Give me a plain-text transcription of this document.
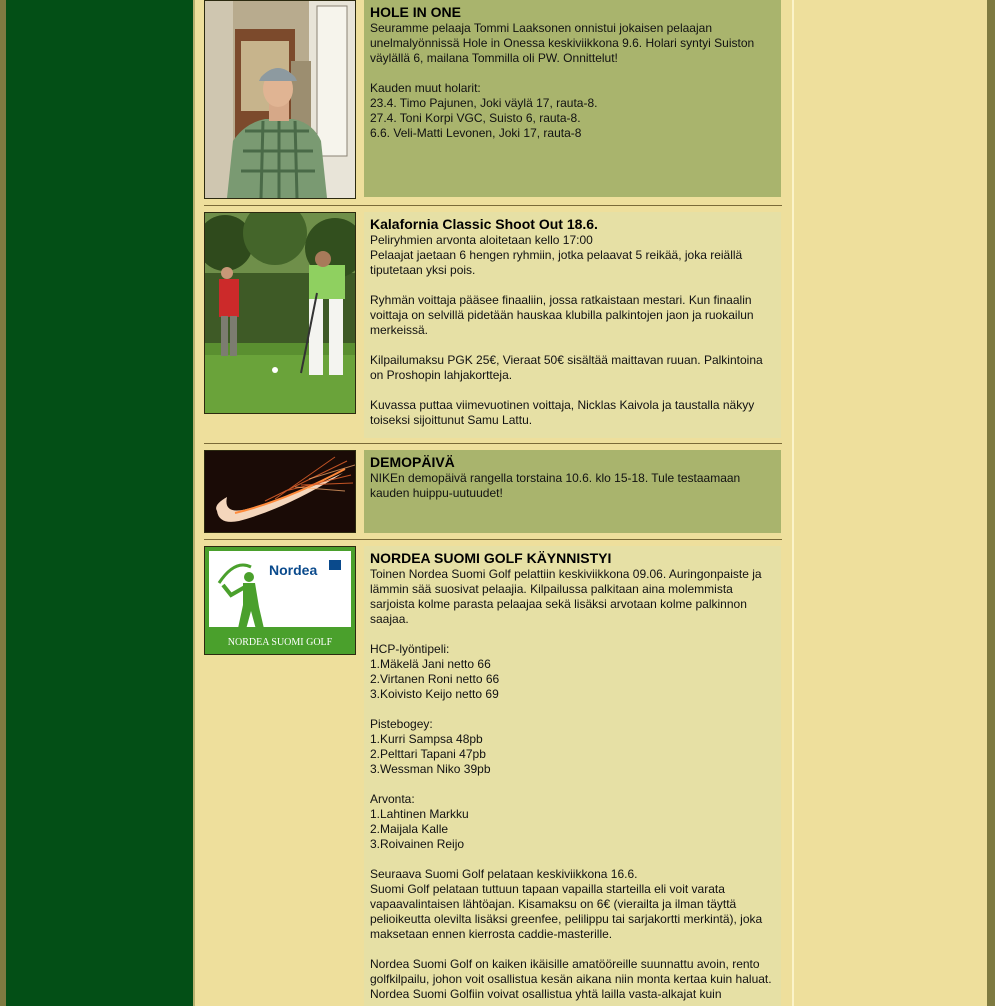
HOLE IN ONE
Seuramme pelaaja Tommi Laaksonen onnistui jokaisen pelaajan unelmalyönnissä Hole in Onessa keskiviikkona 9.6. Holari syntyi Suiston väylällä 6, mailana Tommilla oli PW. Onnittelut!

Kauden muut holarit:
23.4. Timo Pajunen, Joki väylä 17, rauta-8.
27.4. Toni Korpi VGC, Suisto 6, rauta-8.
6.6. Veli-Matti Levonen, Joki 17, rauta-8
Kalafornia Classic Shoot Out 18.6.
Peliryhmien arvonta aloitetaan kello 17:00
Pelaajat jaetaan 6 hengen ryhmiin, jotka pelaavat 5 reikää, joka reiällä tiputetaan yksi pois.

Ryhmän voittaja pääsee finaaliin, jossa ratkaistaan mestari. Kun finaalin voittaja on selvillä pidetään hauskaa klubilla palkintojen jaon ja ruokailun merkeissä.

Kilpailumaksu PGK 25€, Vieraat 50€ sisältää maittavan ruuan. Palkintoina on Proshopin lahjakortteja.

Kuvassa puttaa viimevuotinen voittaja, Nicklas Kaivola ja taustalla näkyy toiseksi sijoittunut Samu Lattu.
DEMOPÄIVÄ
NIKEn demopäivä rangella torstaina 10.6. klo 15-18. Tule testaamaan kauden huippu-uutuudet!
Nordea
NORDEA SUOMI GOLF
NORDEA SUOMI GOLF KÄYNNISTYI
Toinen Nordea Suomi Golf pelattiin keskiviikkona 09.06. Auringonpaiste ja lämmin sää suosivat pelaajia. Kilpailussa palkitaan aina molemmista sarjoista kolme parasta pelaajaa sekä lisäksi arvotaan kolme palkinnon saajaa.

HCP-lyöntipeli:
1.Mäkelä Jani netto 66
2.Virtanen Roni netto 66
3.Koivisto Keijo netto 69

Pistebogey:
1.Kurri Sampsa 48pb
2.Pelttari Tapani 47pb
3.Wessman Niko 39pb

Arvonta:
1.Lahtinen Markku
2.Maijala Kalle
3.Roivainen Reijo

Seuraava Suomi Golf pelataan keskiviikkona 16.6.
Suomi Golf pelataan tuttuun tapaan vapailla starteilla eli voit varata vapaavalintaisen lähtöajan. Kisamaksu on 6€ (vierailta ja ilman täyttä pelioikeutta olevilta lisäksi greenfee, pelilippu tai sarjakortti merkintä), joka maksetaan ennen kierrosta caddie-masterille.

Nordea Suomi Golf on kaiken ikäisille amatööreille suunnattu avoin, rento golfkilpailu, johon voit osallistua kesän aikana niin monta kertaa kuin haluat. Nordea Suomi Golfiin voivat osallistua yhtä lailla vasta-alkajat kuin
